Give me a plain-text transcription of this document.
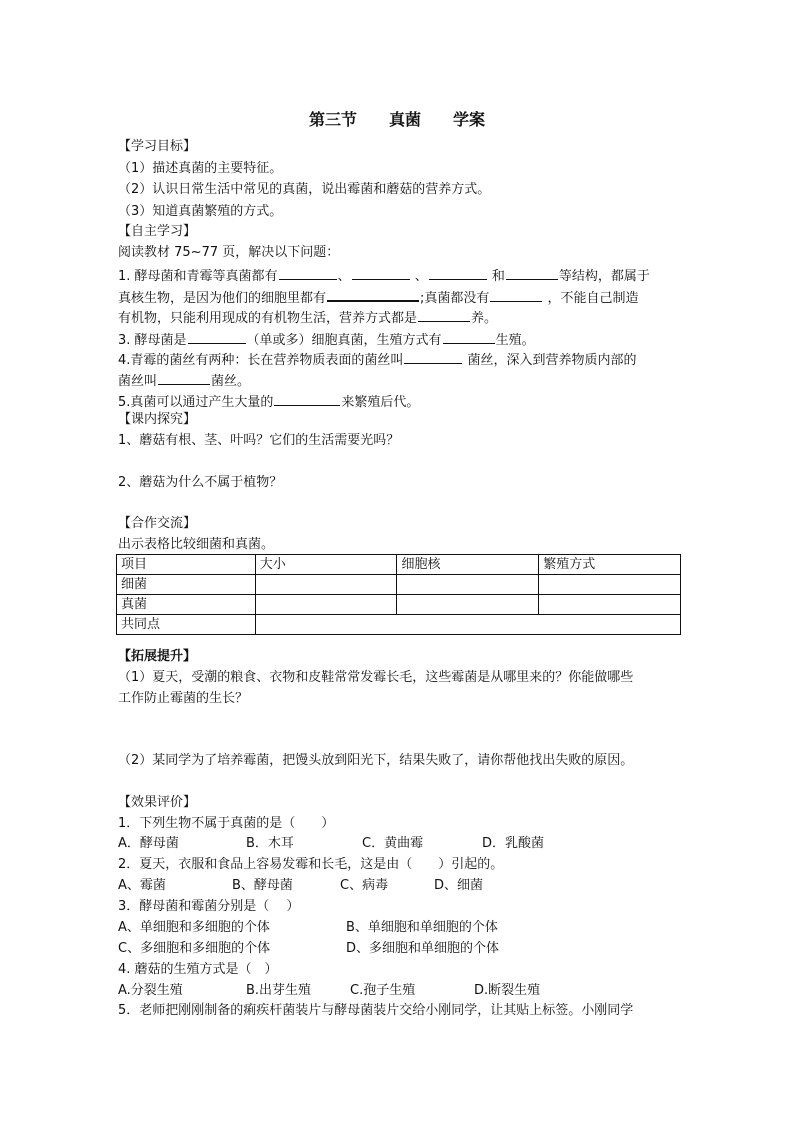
第三节　　真菌　　学案
【学习目标】
（1）描述真菌的主要特征。
（2）认识日常生活中常见的真菌，说出霉菌和蘑菇的营养方式。
（3）知道真菌繁殖的方式。
【自主学习】
阅读教材 75~77 页，解决以下问题：
1. 酵母菌和青霉等真菌都有	、	、	和	等结构，都属于
真核生物，是因为他们的细胞里都有	;真菌都没有	，不能自己制造
有机物，只能利用现成的有机物生活，营养方式都是	养。
3. 酵母菌是	（单或多）细胞真菌，生殖方式有	生殖。
4.青霉的菌丝有两种：长在营养物质表面的菌丝叫	菌丝，深入到营养物质内部的
菌丝叫	菌丝。
5.真菌可以通过产生大量的	来繁殖后代。
【课内探究】
1、蘑菇有根、茎、叶吗？它们的生活需要光吗？
2、蘑菇为什么不属于植物？
【合作交流】
出示表格比较细菌和真菌。
项目	大小	细胞核	繁殖方式
细菌			
真菌			
共同点			
【拓展提升】
（1）夏天，受潮的粮食、衣物和皮鞋常常发霉长毛，这些霉菌是从哪里来的？你能做哪些
工作防止霉菌的生长？
（2）某同学为了培养霉菌，把馒头放到阳光下，结果失败了，请你帮他找出失败的原因。
【效果评价】
1．下列生物不属于真菌的是（　　）
A．酵母菌	B．木耳	C．黄曲霉	D．乳酸菌
2．夏天，衣服和食品上容易发霉和长毛，这是由（　　）引起的。
A、霉菌	B、酵母菌	C、病毒	D、细菌
3．酵母菌和霉菌分别是（　 ）
A、单细胞和多细胞的个体	B、单细胞和单细胞的个体
C、多细胞和多细胞的个体	D、多细胞和单细胞的个体
4. 蘑菇的生殖方式是（　）
A.分裂生殖	B.出芽生殖	C.孢子生殖	D.断裂生殖
5．老师把刚刚制备的痢疾杆菌装片与酵母菌装片交给小刚同学，让其贴上标签。小刚同学
